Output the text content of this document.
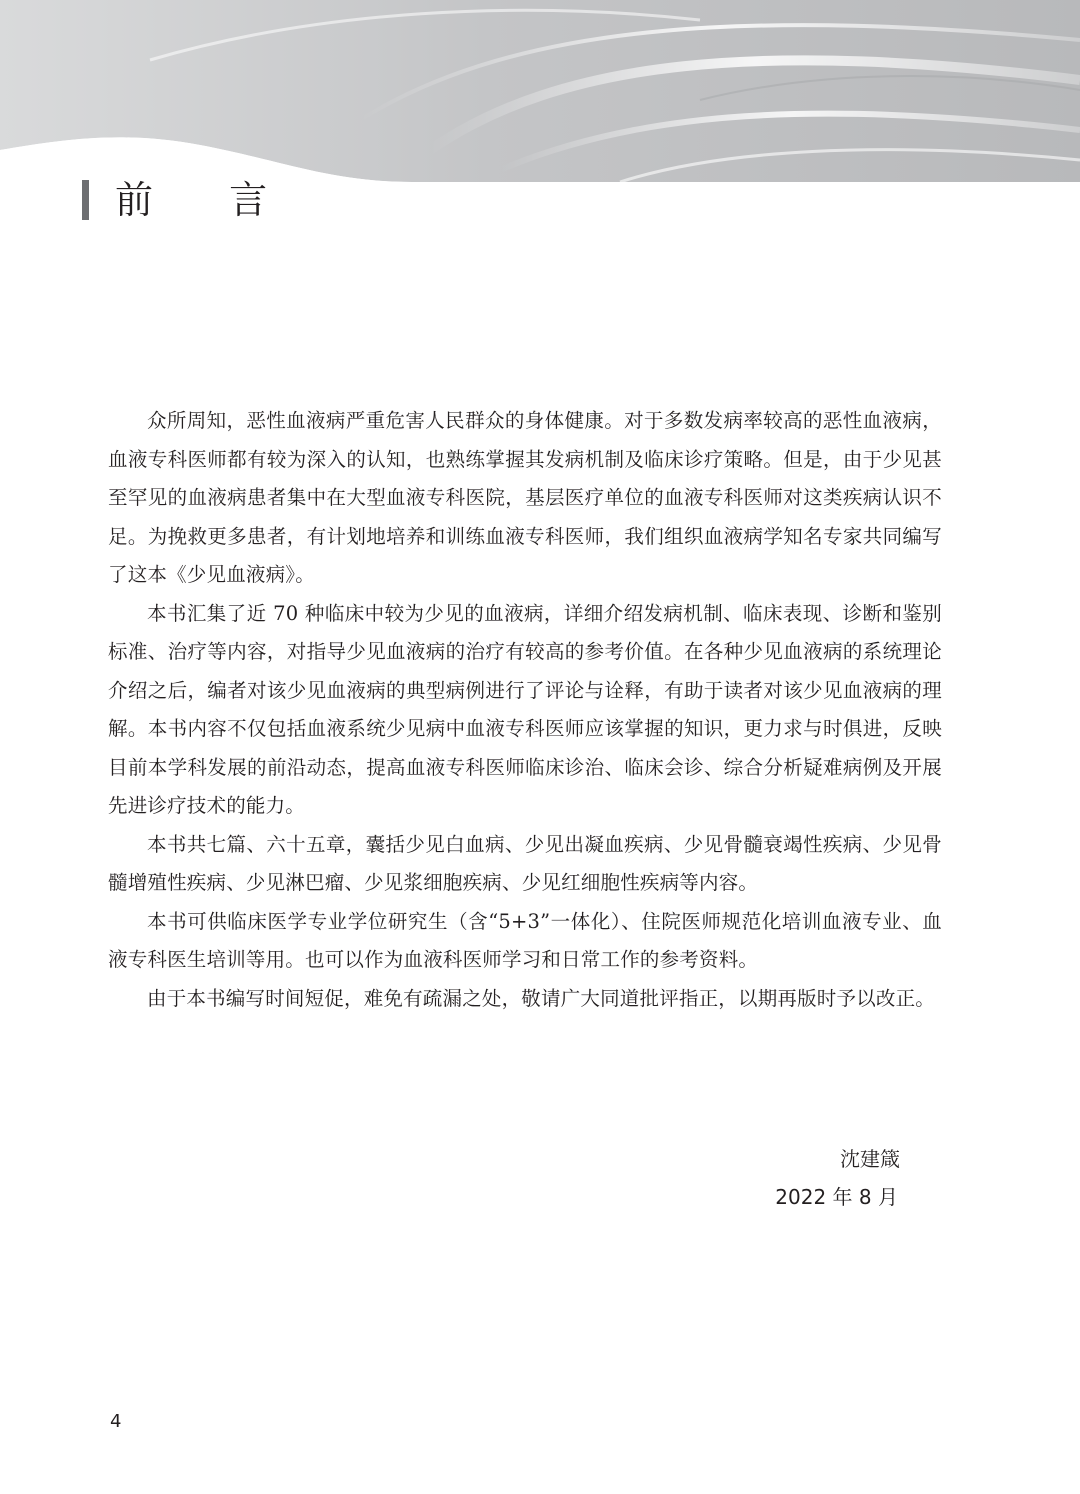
前 言

众所周知，恶性血液病严重危害人民群众的身体健康。对于多数发病率较高的恶性血液病，血液专科医师都有较为深入的认知，也熟练掌握其发病机制及临床诊疗策略。但是，由于少见甚至罕见的血液病患者集中在大型血液专科医院，基层医疗单位的血液专科医师对这类疾病认识不足。为挽救更多患者，有计划地培养和训练血液专科医师，我们组织血液病学知名专家共同编写了这本《少见血液病》。

本书汇集了近 70 种临床中较为少见的血液病，详细介绍发病机制、临床表现、诊断和鉴别标准、治疗等内容，对指导少见血液病的治疗有较高的参考价值。在各种少见血液病的系统理论介绍之后，编者对该少见血液病的典型病例进行了评论与诠释，有助于读者对该少见血液病的理解。本书内容不仅包括血液系统少见病中血液专科医师应该掌握的知识，更力求与时俱进，反映目前本学科发展的前沿动态，提高血液专科医师临床诊治、临床会诊、综合分析疑难病例及开展先进诊疗技术的能力。

本书共七篇、六十五章，囊括少见白血病、少见出凝血疾病、少见骨髓衰竭性疾病、少见骨髓增殖性疾病、少见淋巴瘤、少见浆细胞疾病、少见红细胞性疾病等内容。

本书可供临床医学专业学位研究生（含“5+3”一体化）、住院医师规范化培训血液专业、血液专科医生培训等用。也可以作为血液科医师学习和日常工作的参考资料。

由于本书编写时间短促，难免有疏漏之处，敬请广大同道批评指正，以期再版时予以改正。

沈建箴
2022 年 8 月
4
